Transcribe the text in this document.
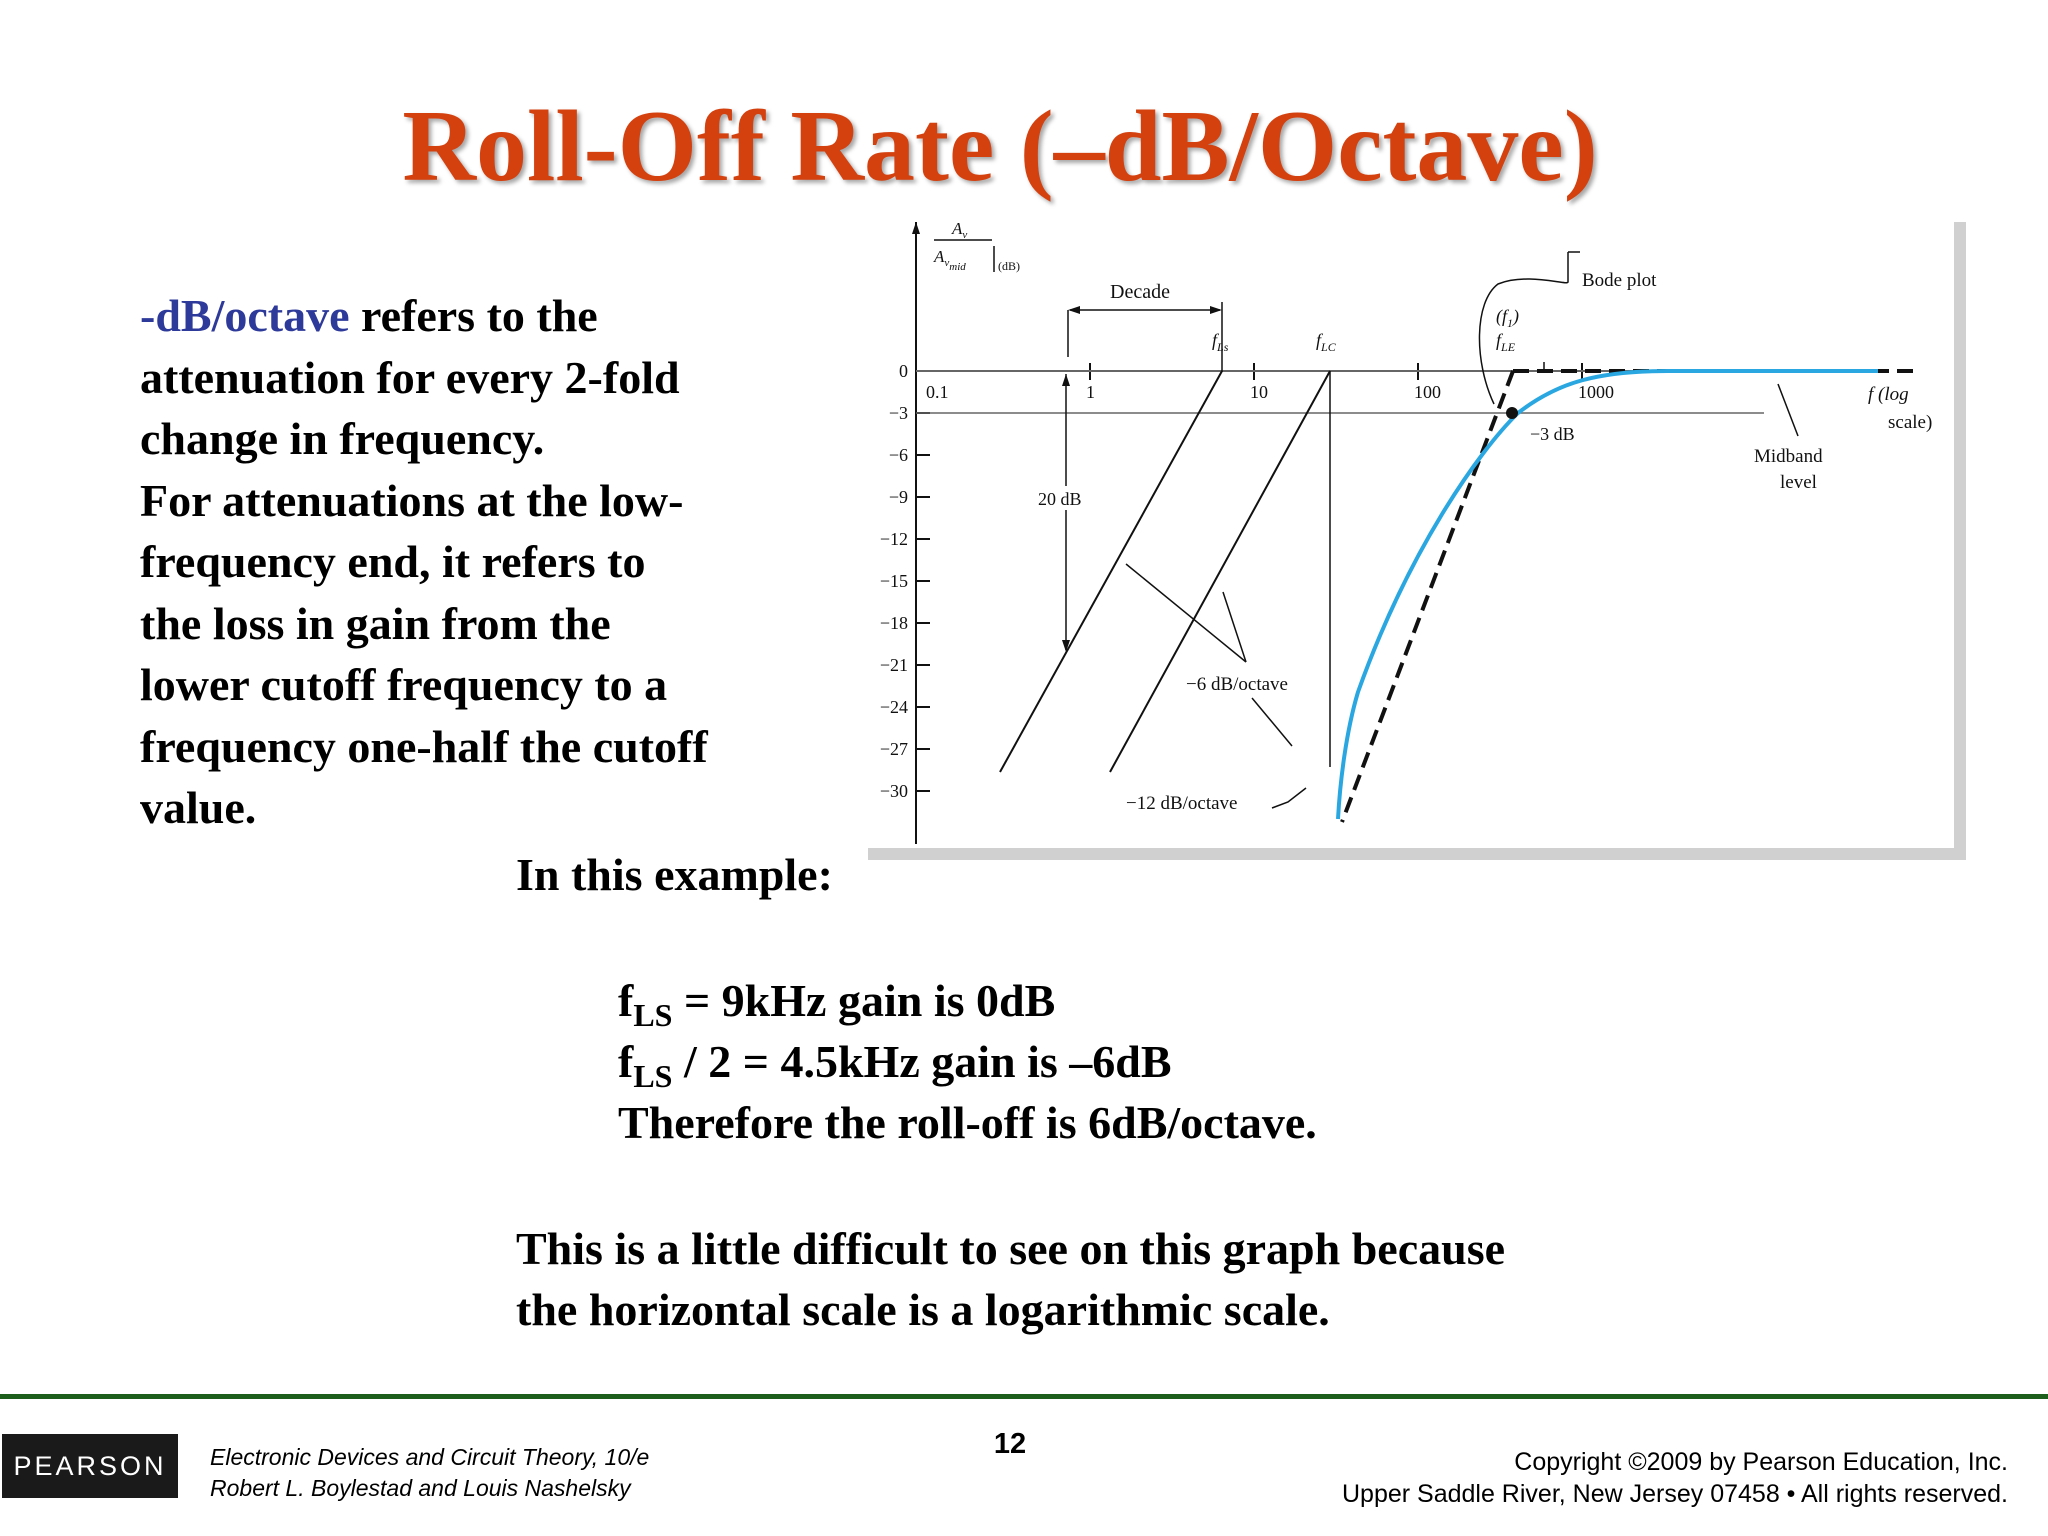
Roll-Off Rate (–dB/Octave)
-dB/octave refers to the
attenuation for every 2-fold
change in frequency.
For attenuations at the low-
frequency end, it refers to
the loss in gain from the
lower cutoff frequency to a
frequency one-half the cutoff
value.
$A_v$
$A_{vmid}$	(dB)
0
−3
−6
−9
−12
−15
−18
−21
−24
−27
−30
0.1	1	10	100	1000
Decade
20 dB
$f_{Ls}$	$f_{LC}$
$(f_1)$
$f_{LE}$
Bode plot
−3 dB
Midband
level
f (log
scale)
−6 dB/octave
−12 dB/octave
In this example:
$f_{LS} = 9kHz$ gain is 0dB
$f_{LS} / 2 = 4.5kHz$ gain is –6dB
Therefore the roll-off is 6dB/octave.
This is a little difficult to see on this graph because
the horizontal scale is a logarithmic scale.
PEARSON	Electronic Devices and Circuit Theory, 10/e
Robert L. Boylestad and Louis Nashelsky
12
Copyright ©2009 by Pearson Education, Inc.
Upper Saddle River, New Jersey 07458 • All rights reserved.
